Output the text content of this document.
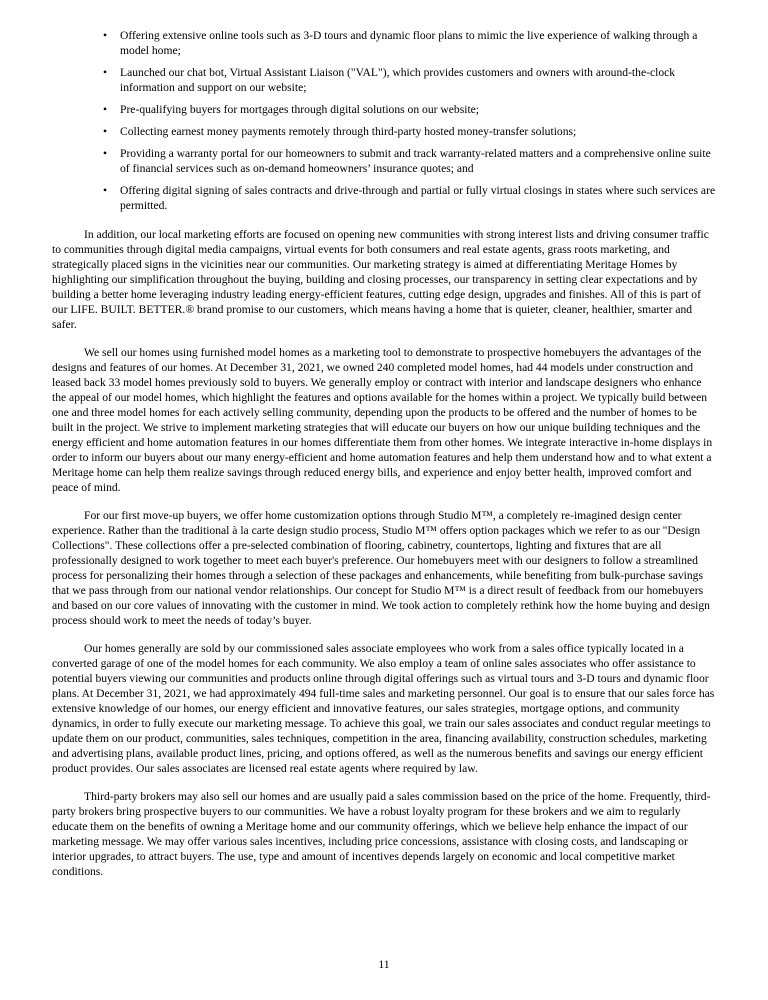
•	Offering extensive online tools such as 3-D tours and dynamic floor plans to mimic the live experience of walking through a model home;
•	Launched our chat bot, Virtual Assistant Liaison ("VAL"), which provides customers and owners with around-the-clock information and support on our website;
•	Pre-qualifying buyers for mortgages through digital solutions on our website;
•	Collecting earnest money payments remotely through third-party hosted money-transfer solutions;
•	Providing a warranty portal for our homeowners to submit and track warranty-related matters and a comprehensive online suite of financial services such as on-demand homeowners’ insurance quotes; and
•	Offering digital signing of sales contracts and drive-through and partial or fully virtual closings in states where such services are permitted.

In addition, our local marketing efforts are focused on opening new communities with strong interest lists and driving consumer traffic to communities through digital media campaigns, virtual events for both consumers and real estate agents, grass roots marketing, and strategically placed signs in the vicinities near our communities. Our marketing strategy is aimed at differentiating Meritage Homes by highlighting our simplification throughout the buying, building and closing processes, our transparency in setting clear expectations and by building a better home leveraging industry leading energy-efficient features, cutting edge design, upgrades and finishes. All of this is part of our LIFE. BUILT. BETTER.® brand promise to our customers, which means having a home that is quieter, cleaner, healthier, smarter and safer.

We sell our homes using furnished model homes as a marketing tool to demonstrate to prospective homebuyers the advantages of the designs and features of our homes. At December 31, 2021, we owned 240 completed model homes, had 44 models under construction and leased back 33 model homes previously sold to buyers. We generally employ or contract with interior and landscape designers who enhance the appeal of our model homes, which highlight the features and options available for the homes within a project. We typically build between one and three model homes for each actively selling community, depending upon the products to be offered and the number of homes to be built in the project. We strive to implement marketing strategies that will educate our buyers on how our unique building techniques and the energy efficient and home automation features in our homes differentiate them from other homes. We integrate interactive in-home displays in order to inform our buyers about our many energy-efficient and home automation features and help them understand how and to what extent a Meritage home can help them realize savings through reduced energy bills, and experience and enjoy better health, improved comfort and peace of mind.

For our first move-up buyers, we offer home customization options through Studio M™, a completely re-imagined design center experience. Rather than the traditional à la carte design studio process, Studio M™ offers option packages which we refer to as our "Design Collections". These collections offer a pre-selected combination of flooring, cabinetry, countertops, lighting and fixtures that are all professionally designed to work together to meet each buyer's preference. Our homebuyers meet with our designers to follow a streamlined process for personalizing their homes through a selection of these packages and enhancements, while benefiting from bulk-purchase savings that we pass through from our national vendor relationships. Our concept for Studio M™ is a direct result of feedback from our homebuyers and based on our core values of innovating with the customer in mind. We took action to completely rethink how the home buying and design process should work to meet the needs of today’s buyer.

Our homes generally are sold by our commissioned sales associate employees who work from a sales office typically located in a converted garage of one of the model homes for each community. We also employ a team of online sales associates who offer assistance to potential buyers viewing our communities and products online through digital offerings such as virtual tours and 3-D tours and dynamic floor plans. At December 31, 2021, we had approximately 494 full-time sales and marketing personnel. Our goal is to ensure that our sales force has extensive knowledge of our homes, our energy efficient and innovative features, our sales strategies, mortgage options, and community dynamics, in order to fully execute our marketing message. To achieve this goal, we train our sales associates and conduct regular meetings to update them on our product, communities, sales techniques, competition in the area, financing availability, construction schedules, marketing and advertising plans, available product lines, pricing, and options offered, as well as the numerous benefits and savings our energy efficient product provides. Our sales associates are licensed real estate agents where required by law.

Third-party brokers may also sell our homes and are usually paid a sales commission based on the price of the home. Frequently, third-party brokers bring prospective buyers to our communities. We have a robust loyalty program for these brokers and we aim to regularly educate them on the benefits of owning a Meritage home and our community offerings, which we believe help enhance the impact of our marketing message. We may offer various sales incentives, including price concessions, assistance with closing costs, and landscaping or interior upgrades, to attract buyers. The use, type and amount of incentives depends largely on economic and local competitive market conditions.

11
